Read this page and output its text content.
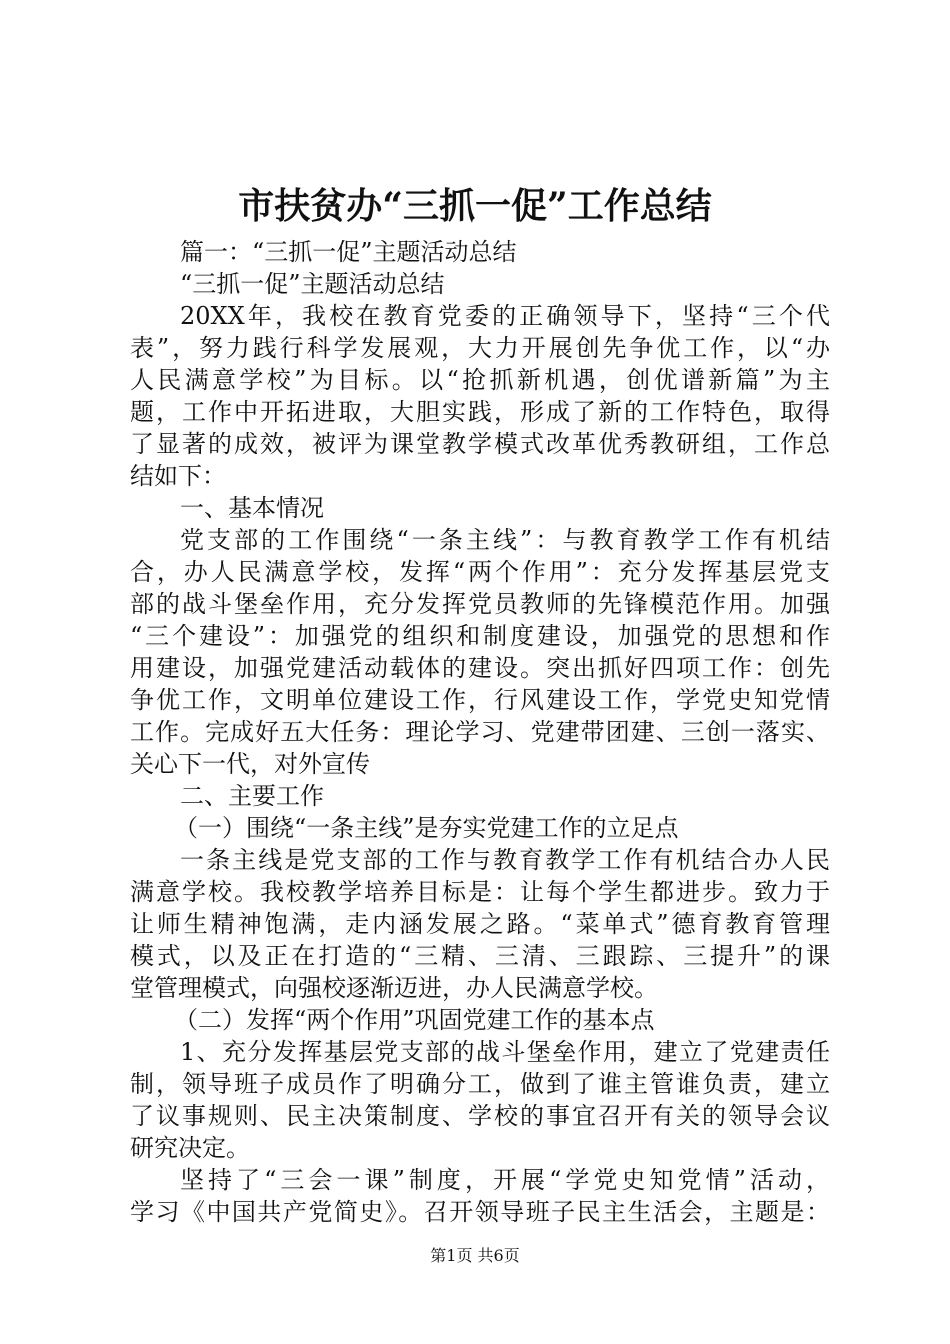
市扶贫办“三抓一促”工作总结
篇一：“三抓一促”主题活动总结
“三抓一促”主题活动总结
20XX年，我校在教育党委的正确领导下，坚持“三个代
表”，努力践行科学发展观，大力开展创先争优工作，以“办
人民满意学校”为目标。以“抢抓新机遇，创优谱新篇”为主
题，工作中开拓进取，大胆实践，形成了新的工作特色，取得
了显著的成效，被评为课堂教学模式改革优秀教研组，工作总
结如下：
一、基本情况
党支部的工作围绕“一条主线”：与教育教学工作有机结
合，办人民满意学校，发挥“两个作用”：充分发挥基层党支
部的战斗堡垒作用，充分发挥党员教师的先锋模范作用。加强
“三个建设”：加强党的组织和制度建设，加强党的思想和作
用建设，加强党建活动载体的建设。突出抓好四项工作：创先
争优工作，文明单位建设工作，行风建设工作，学党史知党情
工作。完成好五大任务：理论学习、党建带团建、三创一落实、
关心下一代，对外宣传
二、主要工作
（一）围绕“一条主线”是夯实党建工作的立足点
一条主线是党支部的工作与教育教学工作有机结合办人民
满意学校。我校教学培养目标是：让每个学生都进步。致力于
让师生精神饱满，走内涵发展之路。“菜单式”德育教育管理
模式，以及正在打造的“三精、三清、三跟踪、三提升”的课
堂管理模式，向强校逐渐迈进，办人民满意学校。
（二）发挥“两个作用”巩固党建工作的基本点
1、充分发挥基层党支部的战斗堡垒作用，建立了党建责任
制，领导班子成员作了明确分工，做到了谁主管谁负责，建立
了议事规则、民主决策制度、学校的事宜召开有关的领导会议
研究决定。
坚持了“三会一课”制度，开展“学党史知党情”活动，
学习《中国共产党简史》。召开领导班子民主生活会，主题是：
第1页 共6页
